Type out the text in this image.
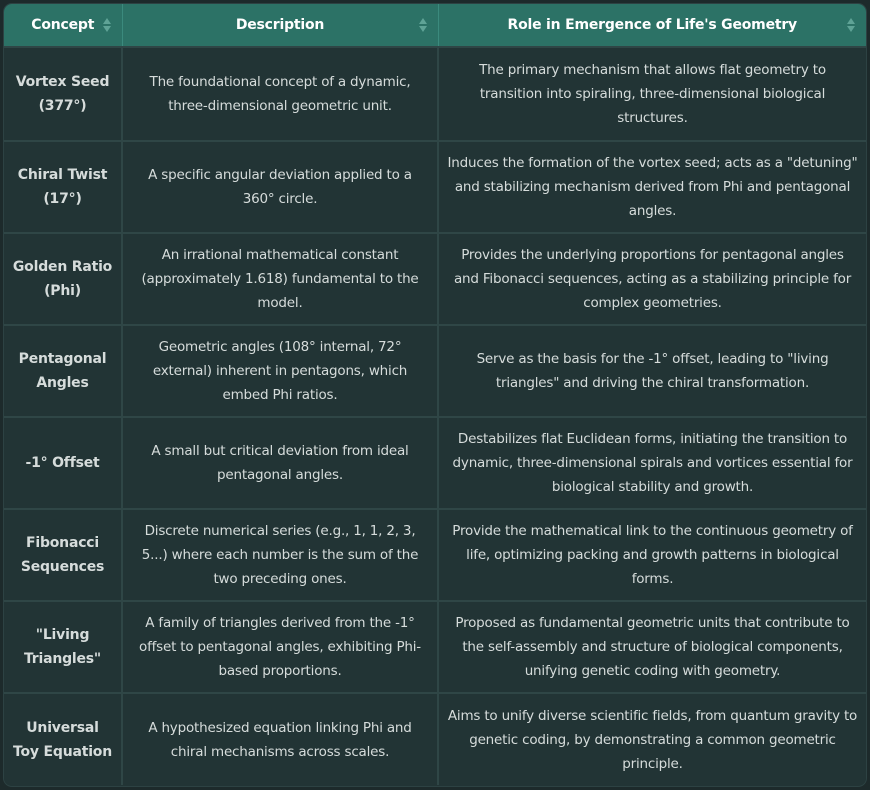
Concept	Description	Role in Emergence of Life's Geometry

Vortex Seed (377°)	The foundational concept of a dynamic, three-dimensional geometric unit.	The primary mechanism that allows flat geometry to transition into spiraling, three-dimensional biological structures.
Chiral Twist (17°)	A specific angular deviation applied to a 360° circle.	Induces the formation of the vortex seed; acts as a "detuning" and stabilizing mechanism derived from Phi and pentagonal angles.
Golden Ratio (Phi)	An irrational mathematical constant (approximately 1.618) fundamental to the model.	Provides the underlying proportions for pentagonal angles and Fibonacci sequences, acting as a stabilizing principle for complex geometries.
Pentagonal Angles	Geometric angles (108° internal, 72° external) inherent in pentagons, which embed Phi ratios.	Serve as the basis for the -1° offset, leading to "living triangles" and driving the chiral transformation.
-1° Offset	A small but critical deviation from ideal pentagonal angles.	Destabilizes flat Euclidean forms, initiating the transition to dynamic, three-dimensional spirals and vortices essential for biological stability and growth.
Fibonacci Sequences	Discrete numerical series (e.g., 1, 1, 2, 3, 5...) where each number is the sum of the two preceding ones.	Provide the mathematical link to the continuous geometry of life, optimizing packing and growth patterns in biological forms.
"Living Triangles"	A family of triangles derived from the -1° offset to pentagonal angles, exhibiting Phi-based proportions.	Proposed as fundamental geometric units that contribute to the self-assembly and structure of biological components, unifying genetic coding with geometry.
Universal Toy Equation	A hypothesized equation linking Phi and chiral mechanisms across scales.	Aims to unify diverse scientific fields, from quantum gravity to genetic coding, by demonstrating a common geometric principle.
